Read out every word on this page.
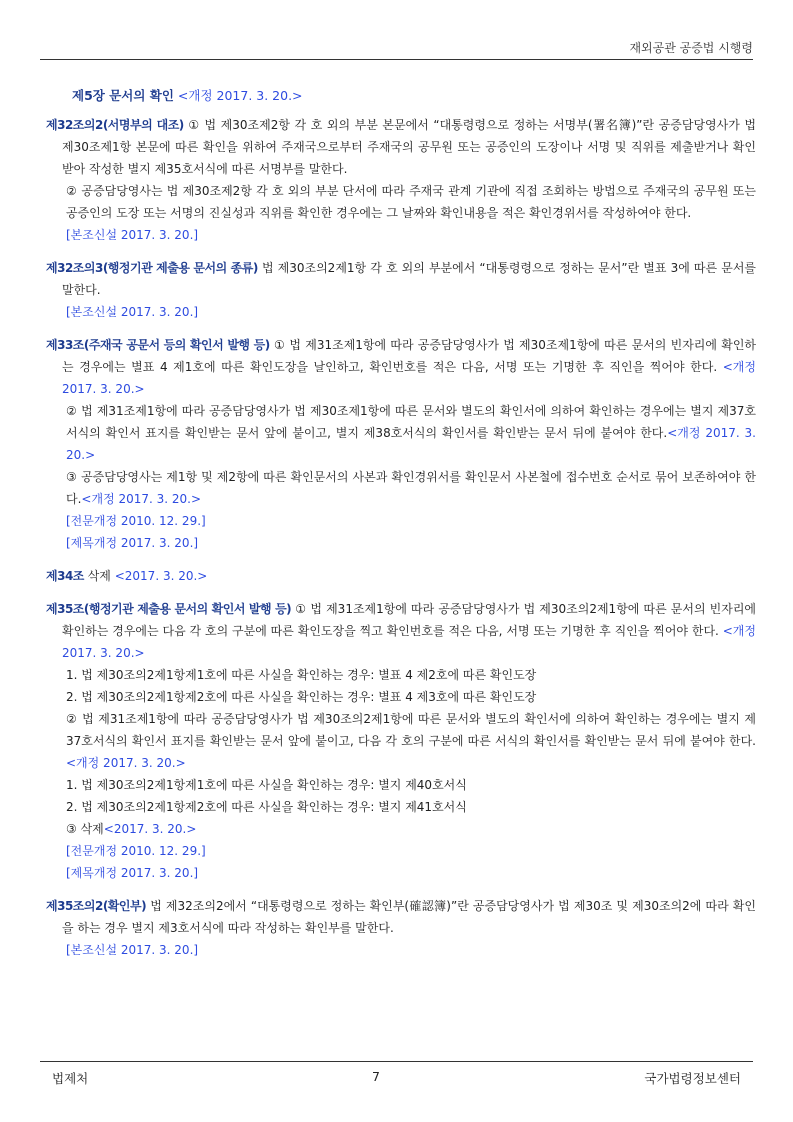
재외공관 공증법 시행령
제5장 문서의 확인 <개정 2017. 3. 20.>
제32조의2(서명부의 대조) ① 법 제30조제2항 각 호 외의 부분 본문에서 “대통령령으로 정하는 서명부(署名簿)”란 공증담당영사가 법 제30조제1항 본문에 따른 확인을 위하여 주재국으로부터 주재국의 공무원 또는 공증인의 도장이나 서명 및 직위를 제출받거나 확인받아 작성한 별지 제35호서식에 따른 서명부를 말한다.
② 공증담당영사는 법 제30조제2항 각 호 외의 부분 단서에 따라 주재국 관계 기관에 직접 조회하는 방법으로 주재국의 공무원 또는 공증인의 도장 또는 서명의 진실성과 직위를 확인한 경우에는 그 날짜와 확인내용을 적은 확인경위서를 작성하여야 한다.
[본조신설 2017. 3. 20.]
제32조의3(행정기관 제출용 문서의 종류) 법 제30조의2제1항 각 호 외의 부분에서 “대통령령으로 정하는 문서”란 별표 3에 따른 문서를 말한다.
[본조신설 2017. 3. 20.]
제33조(주재국 공문서 등의 확인서 발행 등) ① 법 제31조제1항에 따라 공증담당영사가 법 제30조제1항에 따른 문서의 빈자리에 확인하는 경우에는 별표 4 제1호에 따른 확인도장을 날인하고, 확인번호를 적은 다음, 서명 또는 기명한 후 직인을 찍어야 한다. <개정 2017. 3. 20.>
② 법 제31조제1항에 따라 공증담당영사가 법 제30조제1항에 따른 문서와 별도의 확인서에 의하여 확인하는 경우에는 별지 제37호서식의 확인서 표지를 확인받는 문서 앞에 붙이고, 별지 제38호서식의 확인서를 확인받는 문서 뒤에 붙여야 한다.<개정 2017. 3. 20.>
③ 공증담당영사는 제1항 및 제2항에 따른 확인문서의 사본과 확인경위서를 확인문서 사본철에 접수번호 순서로 묶어 보존하여야 한다.<개정 2017. 3. 20.>
[전문개정 2010. 12. 29.]
[제목개정 2017. 3. 20.]
제34조 삭제 <2017. 3. 20.>
제35조(행정기관 제출용 문서의 확인서 발행 등) ① 법 제31조제1항에 따라 공증담당영사가 법 제30조의2제1항에 따른 문서의 빈자리에 확인하는 경우에는 다음 각 호의 구분에 따른 확인도장을 찍고 확인번호를 적은 다음, 서명 또는 기명한 후 직인을 찍어야 한다. <개정 2017. 3. 20.>
1. 법 제30조의2제1항제1호에 따른 사실을 확인하는 경우: 별표 4 제2호에 따른 확인도장
2. 법 제30조의2제1항제2호에 따른 사실을 확인하는 경우: 별표 4 제3호에 따른 확인도장
② 법 제31조제1항에 따라 공증담당영사가 법 제30조의2제1항에 따른 문서와 별도의 확인서에 의하여 확인하는 경우에는 별지 제37호서식의 확인서 표지를 확인받는 문서 앞에 붙이고, 다음 각 호의 구분에 따른 서식의 확인서를 확인받는 문서 뒤에 붙여야 한다.<개정 2017. 3. 20.>
1. 법 제30조의2제1항제1호에 따른 사실을 확인하는 경우: 별지 제40호서식
2. 법 제30조의2제1항제2호에 따른 사실을 확인하는 경우: 별지 제41호서식
③ 삭제<2017. 3. 20.>
[전문개정 2010. 12. 29.]
[제목개정 2017. 3. 20.]
제35조의2(확인부) 법 제32조의2에서 “대통령령으로 정하는 확인부(確認簿)”란 공증담당영사가 법 제30조 및 제30조의2에 따라 확인을 하는 경우 별지 제3호서식에 따라 작성하는 확인부를 말한다.
[본조신설 2017. 3. 20.]
법제처	7	국가법령정보센터
